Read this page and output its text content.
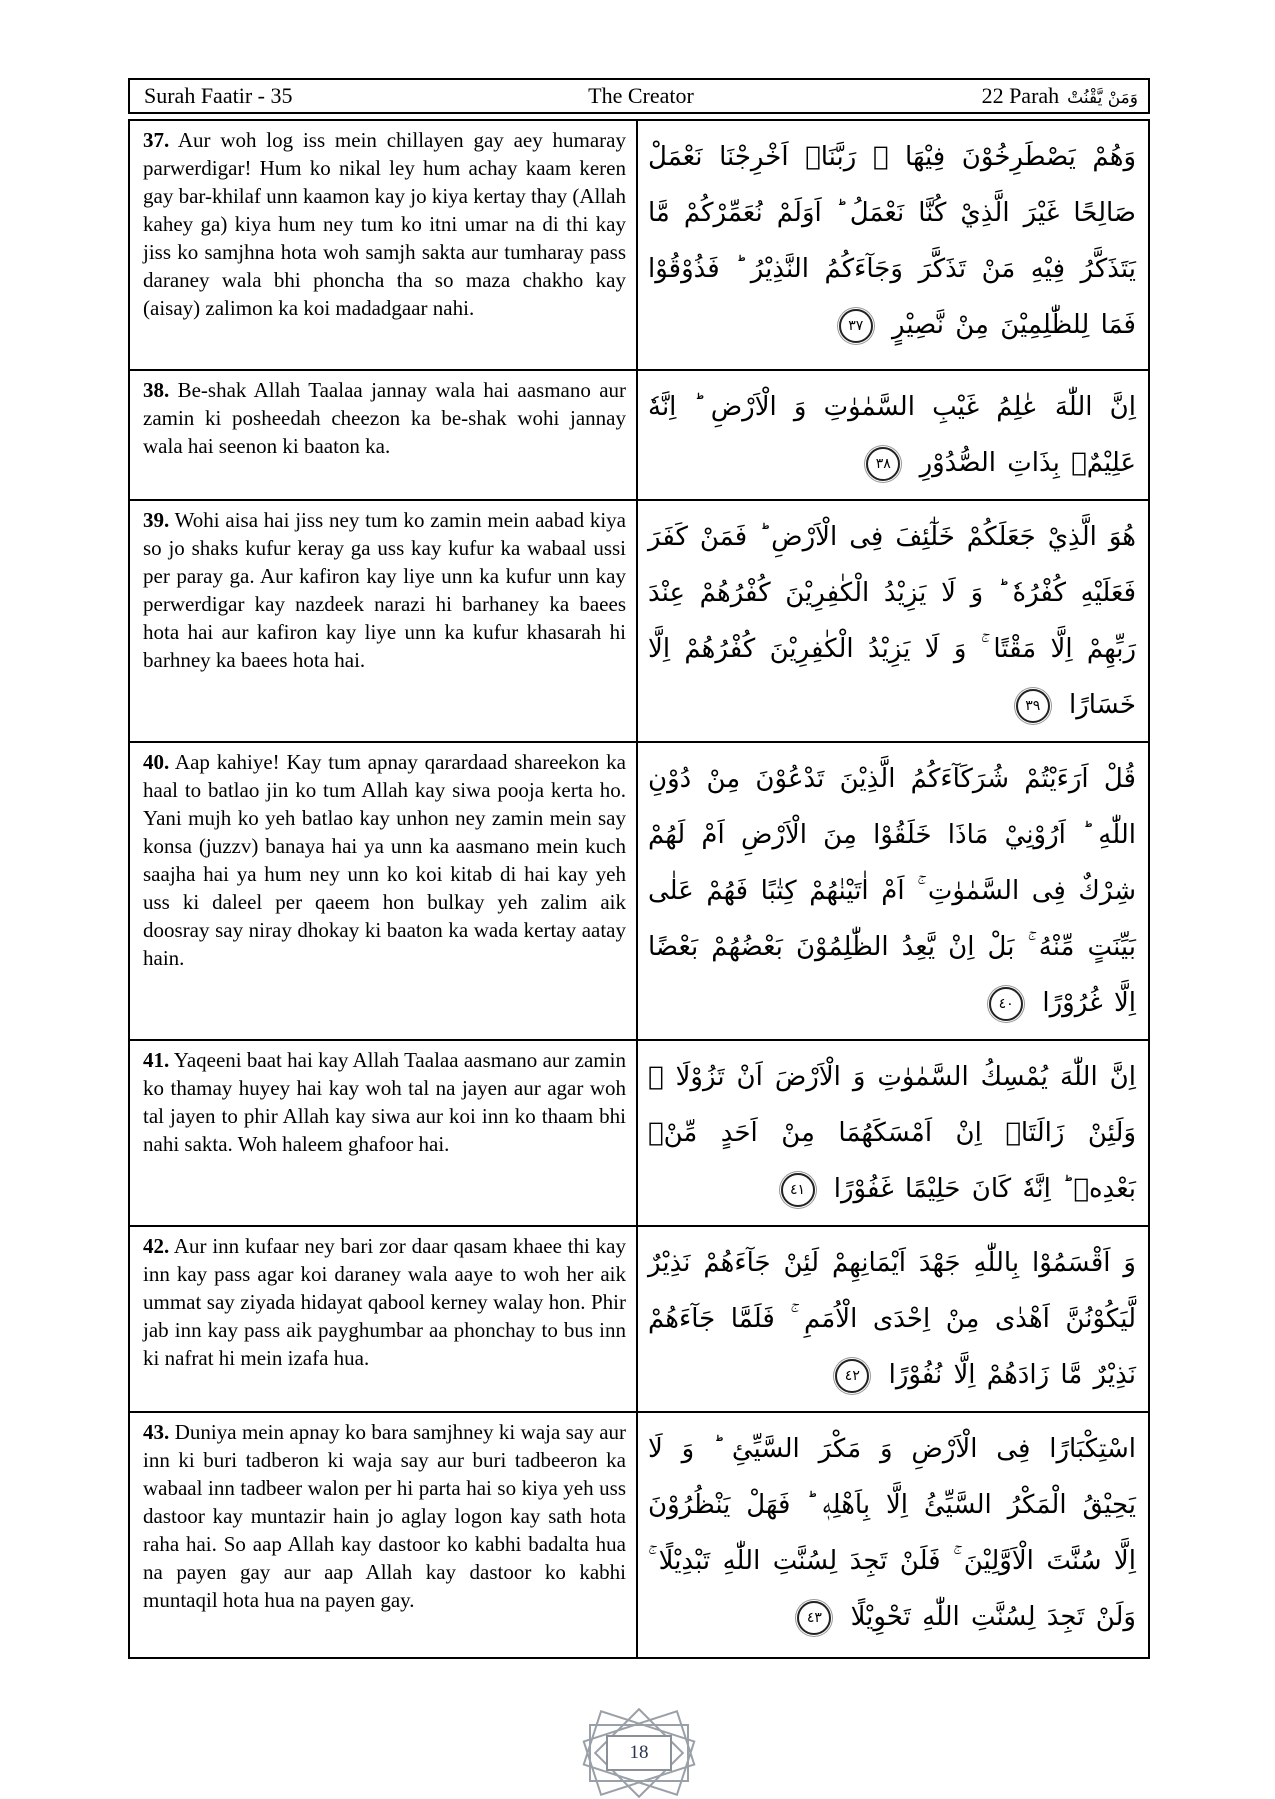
Surah Faatir - 35	The Creator	22 Parah وَمَنْ يَّقْنُتْ
37. Aur woh log iss mein chillayen gay aey humaray parwerdigar! Hum ko nikal ley hum achay kaam keren gay bar-khilaf unn kaamon kay jo kiya kertay thay (Allah kahey ga) kiya hum ney tum ko itni umar na di thi kay jiss ko samjhna hota woh samjh sakta aur tumharay pass daraney wala bhi phoncha tha so maza chakho kay (aisay) zalimon ka koi madadgaar nahi.
وَهُمْ يَصْطَرِخُوْنَ فِيْهَا ۚ رَبَّنَاۤ اَخْرِجْنَا نَعْمَلْ صَالِحًا غَيْرَ الَّذِيْ كُنَّا نَعْمَلُ ؕ اَوَلَمْ نُعَمِّرْكُمْ مَّا يَتَذَكَّرُ فِيْهِ مَنْ تَذَكَّرَ وَجَآءَكُمُ النَّذِيْرُ ؕ فَذُوْقُوْا فَمَا لِلظّٰلِمِيْنَ مِنْ نَّصِيْرٍ ٣٧
38. Be-shak Allah Taalaa jannay wala hai aasmano aur zamin ki posheedah cheezon ka be-shak wohi jannay wala hai seenon ki baaton ka.
اِنَّ اللّٰهَ عٰلِمُ غَيْبِ السَّمٰوٰتِ وَ الْاَرْضِ ؕ اِنَّهٗ عَلِيْمٌۢ بِذَاتِ الصُّدُوْرِ ٣٨
39. Wohi aisa hai jiss ney tum ko zamin mein aabad kiya so jo shaks kufur keray ga uss kay kufur ka wabaal ussi per paray ga. Aur kafiron kay liye unn ka kufur unn kay perwerdigar kay nazdeek narazi hi barhaney ka baees hota hai aur kafiron kay liye unn ka kufur khasarah hi barhney ka baees hota hai.
هُوَ الَّذِيْ جَعَلَكُمْ خَلٰٓئِفَ فِى الْاَرْضِ ؕ فَمَنْ كَفَرَ فَعَلَيْهِ كُفْرُهٗ ؕ وَ لَا يَزِيْدُ الْكٰفِرِيْنَ كُفْرُهُمْ عِنْدَ رَبِّهِمْ اِلَّا مَقْتًا ۚ وَ لَا يَزِيْدُ الْكٰفِرِيْنَ كُفْرُهُمْ اِلَّا خَسَارًا ٣٩
40. Aap kahiye! Kay tum apnay qarardaad shareekon ka haal to batlao jin ko tum Allah kay siwa pooja kerta ho. Yani mujh ko yeh batlao kay unhon ney zamin mein say konsa (juzzv) banaya hai ya unn ka aasmano mein kuch saajha hai ya hum ney unn ko koi kitab di hai kay yeh uss ki daleel per qaeem hon bulkay yeh zalim aik doosray say niray dhokay ki baaton ka wada kertay aatay hain.
قُلْ اَرَءَيْتُمْ شُرَكَآءَكُمُ الَّذِيْنَ تَدْعُوْنَ مِنْ دُوْنِ اللّٰهِ ؕ اَرُوْنِيْ مَاذَا خَلَقُوْا مِنَ الْاَرْضِ اَمْ لَهُمْ شِرْكٌ فِى السَّمٰوٰتِ ۚ اَمْ اٰتَيْنٰهُمْ كِتٰبًا فَهُمْ عَلٰى بَيِّنَتٍ مِّنْهُ ۚ بَلْ اِنْ يَّعِدُ الظّٰلِمُوْنَ بَعْضُهُمْ بَعْضًا اِلَّا غُرُوْرًا ٤٠
41. Yaqeeni baat hai kay Allah Taalaa aasmano aur zamin ko thamay huyey hai kay woh tal na jayen aur agar woh tal jayen to phir Allah kay siwa aur koi inn ko thaam bhi nahi sakta. Woh haleem ghafoor hai.
اِنَّ اللّٰهَ يُمْسِكُ السَّمٰوٰتِ وَ الْاَرْضَ اَنْ تَزُوْلَا ۚ وَلَئِنْ زَالَتَاۤ اِنْ اَمْسَكَهُمَا مِنْ اَحَدٍ مِّنْۢ بَعْدِهٖ ؕ اِنَّهٗ كَانَ حَلِيْمًا غَفُوْرًا ٤١
42. Aur inn kufaar ney bari zor daar qasam khaee thi kay inn kay pass agar koi daraney wala aaye to woh her aik ummat say ziyada hidayat qabool kerney walay hon. Phir jab inn kay pass aik payghumbar aa phonchay to bus inn ki nafrat hi mein izafa hua.
وَ اَقْسَمُوْا بِاللّٰهِ جَهْدَ اَيْمَانِهِمْ لَئِنْ جَآءَهُمْ نَذِيْرٌ لَّيَكُوْنُنَّ اَهْدٰى مِنْ اِحْدَى الْاُمَمِ ۚ فَلَمَّا جَآءَهُمْ نَذِيْرٌ مَّا زَادَهُمْ اِلَّا نُفُوْرًا ٤٢
43. Duniya mein apnay ko bara samjhney ki waja say aur inn ki buri tadberon ki waja say aur buri tadbeeron ka wabaal inn tadbeer walon per hi parta hai so kiya yeh uss dastoor kay muntazir hain jo aglay logon kay sath hota raha hai. So aap Allah kay dastoor ko kabhi badalta hua na payen gay aur aap Allah kay dastoor ko kabhi muntaqil hota hua na payen gay.
اسْتِكْبَارًا فِى الْاَرْضِ وَ مَكْرَ السَّيِّئِ ؕ وَ لَا يَحِيْقُ الْمَكْرُ السَّيِّئُ اِلَّا بِاَهْلِهٖ ؕ فَهَلْ يَنْظُرُوْنَ اِلَّا سُنَّتَ الْاَوَّلِيْنَ ۚ فَلَنْ تَجِدَ لِسُنَّتِ اللّٰهِ تَبْدِيْلًا ۚ وَلَنْ تَجِدَ لِسُنَّتِ اللّٰهِ تَحْوِيْلًا ٤٣
18
